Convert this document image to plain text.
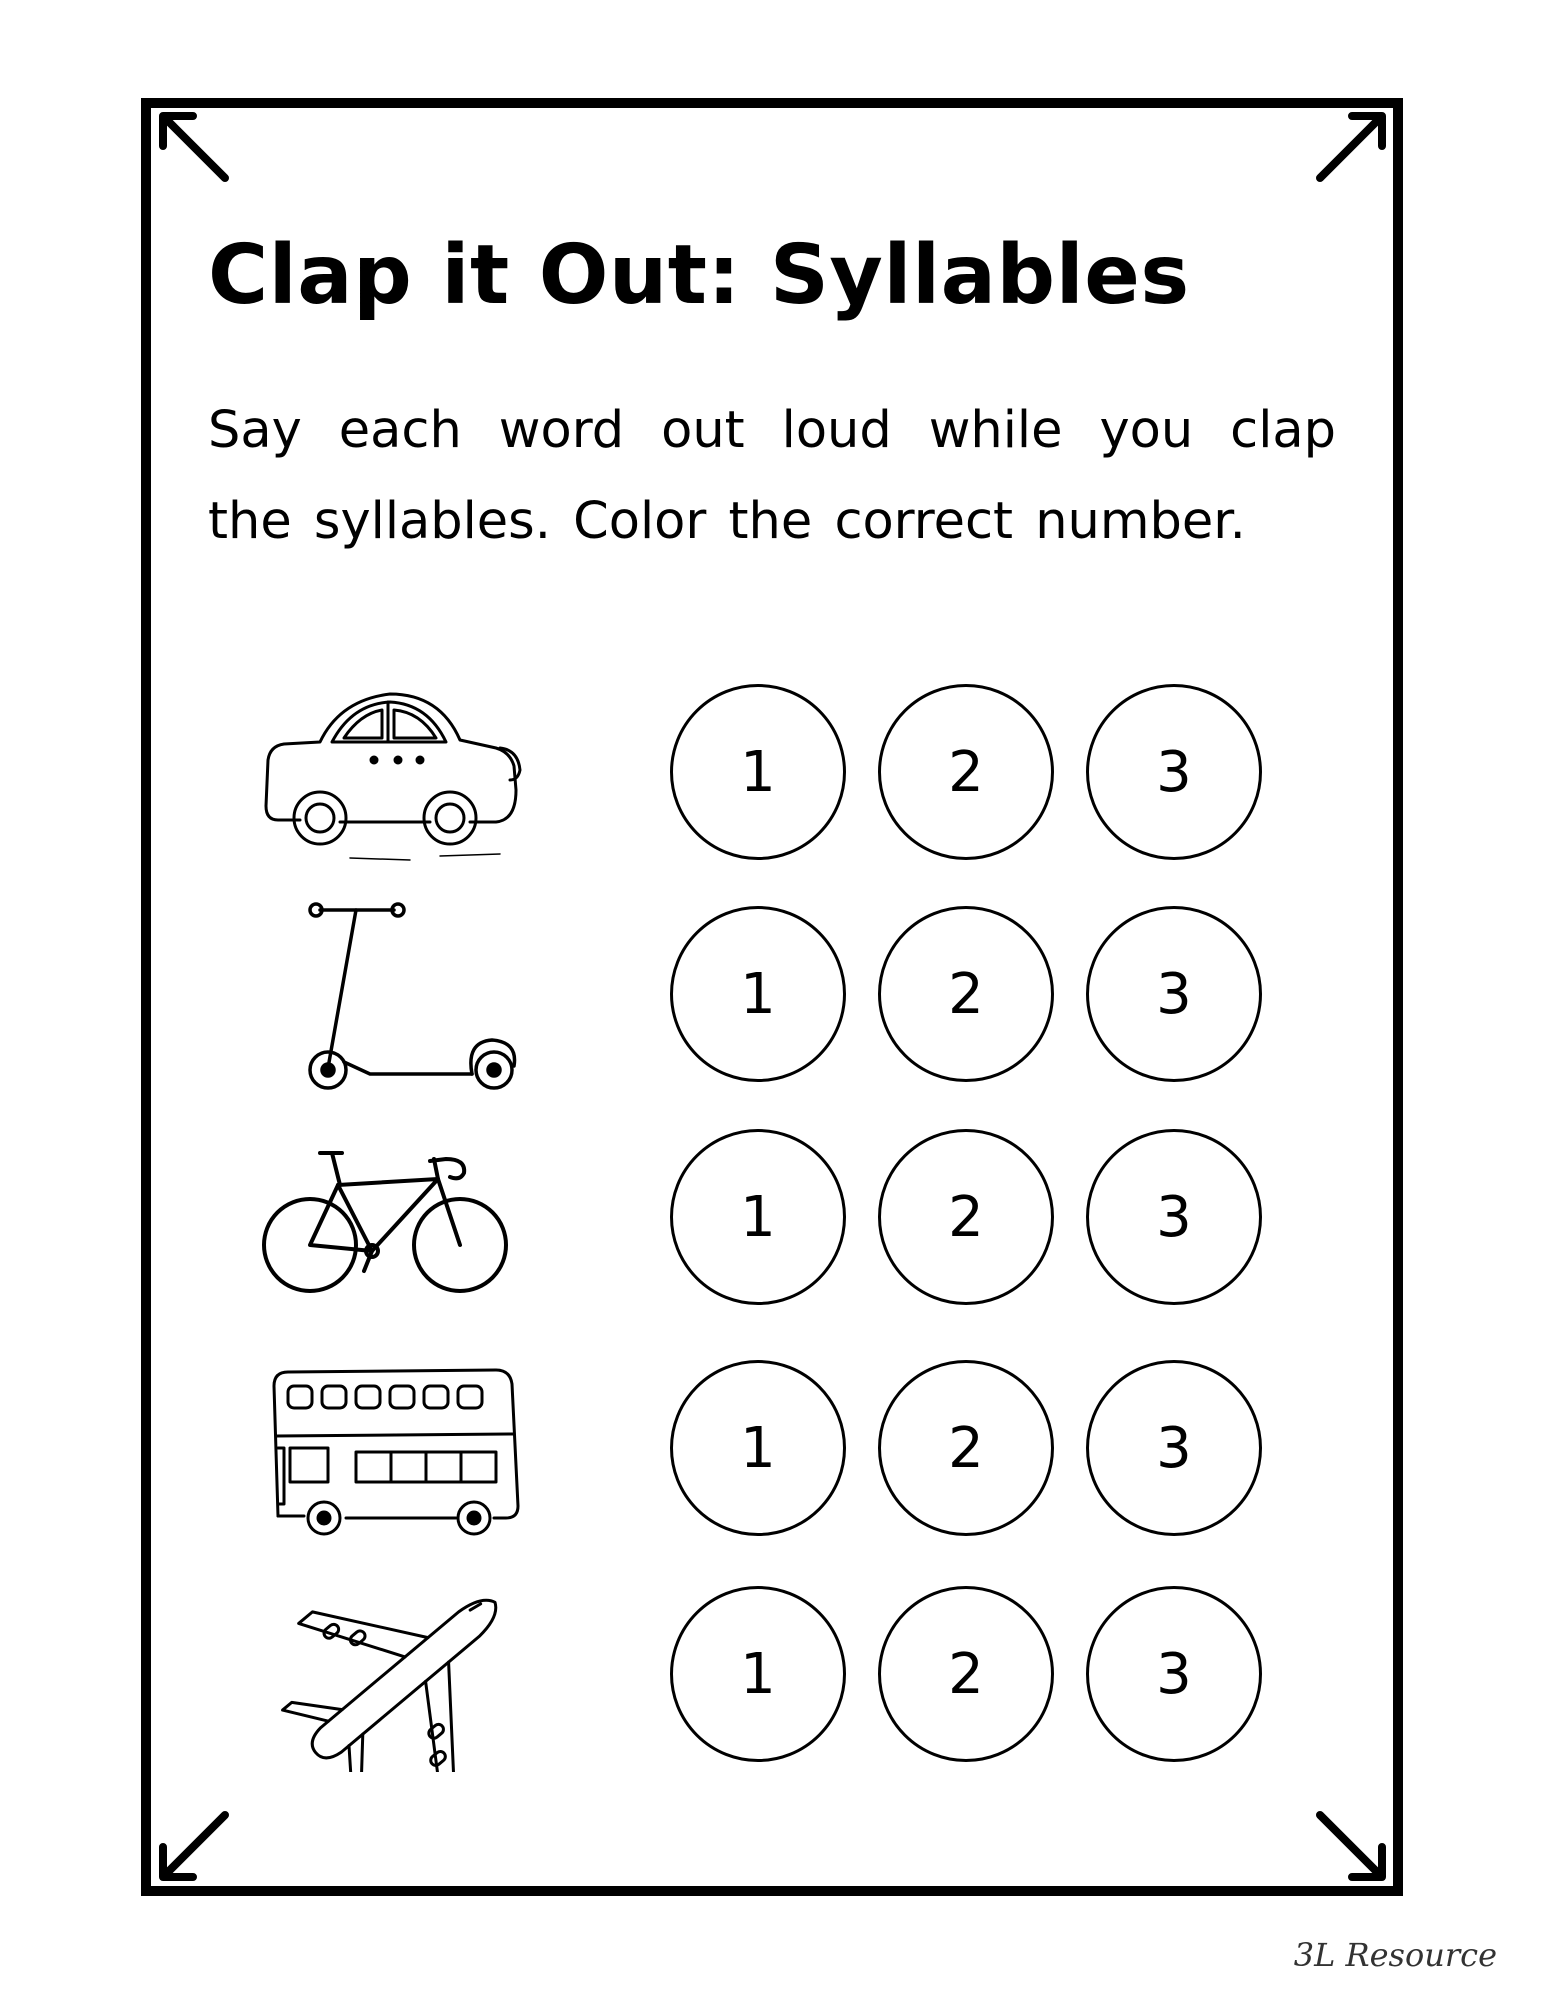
Clap it Out: Syllables
Say each word out loud while you clap the syllables. Color the correct number.
1	2	3
1	2	3
1	2	3
1	2	3
1	2	3
3L Resource
